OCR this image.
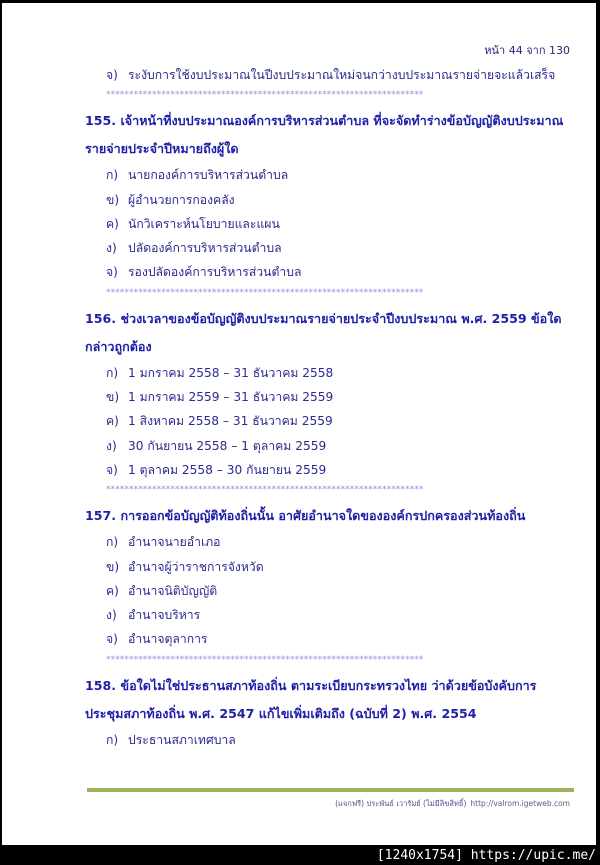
หน้า 44 จาก 130
จ) ระงับการใช้งบประมาณในปีงบประมาณใหม่จนกว่างบประมาณรายจ่ายจะแล้วเสร็จ
*********************************************************************
155. เจ้าหน้าที่งบประมาณองค์การบริหารส่วนตำบล ที่จะจัดทำร่างข้อบัญญัติงบประมาณ
รายจ่ายประจำปีหมายถึงผู้ใด
ก) นายกองค์การบริหารส่วนตำบล
ข) ผู้อำนวยการกองคลัง
ค) นักวิเคราะห์นโยบายและแผน
ง) ปลัดองค์การบริหารส่วนตำบล
จ) รองปลัดองค์การบริหารส่วนตำบล
*********************************************************************
156. ช่วงเวลาของข้อบัญญัติงบประมาณรายจ่ายประจำปีงบประมาณ พ.ศ. 2559 ข้อใด
กล่าวถูกต้อง
ก) 1 มกราคม 2558 – 31 ธันวาคม 2558
ข) 1 มกราคม 2559 – 31 ธันวาคม 2559
ค) 1 สิงหาคม 2558 – 31 ธันวาคม 2559
ง) 30 กันยายน 2558 – 1 ตุลาคม 2559
จ) 1 ตุลาคม 2558 – 30 กันยายน 2559
*********************************************************************
157. การออกข้อบัญญัติท้องถิ่นนั้น อาศัยอำนาจใดขององค์กรปกครองส่วนท้องถิ่น
ก) อำนาจนายอำเภอ
ข) อำนาจผู้ว่าราชการจังหวัด
ค) อำนาจนิติบัญญัติ
ง) อำนาจบริหาร
จ) อำนาจตุลาการ
*********************************************************************
158. ข้อใดไม่ใช่ประธานสภาท้องถิ่น ตามระเบียบกระทรวงไทย ว่าด้วยข้อบังคับการ
ประชุมสภาท้องถิ่น พ.ศ. 2547 แก้ไขเพิ่มเติมถึง (ฉบับที่ 2) พ.ศ. 2554
ก) ประธานสภาเทศบาล
(แจกฟรี) ประพันธ์ เวารัมย์ (ไม่มีลิขสิทธิ์) http://valrom.igetweb.com
[1240x1754] https://upic.me/
